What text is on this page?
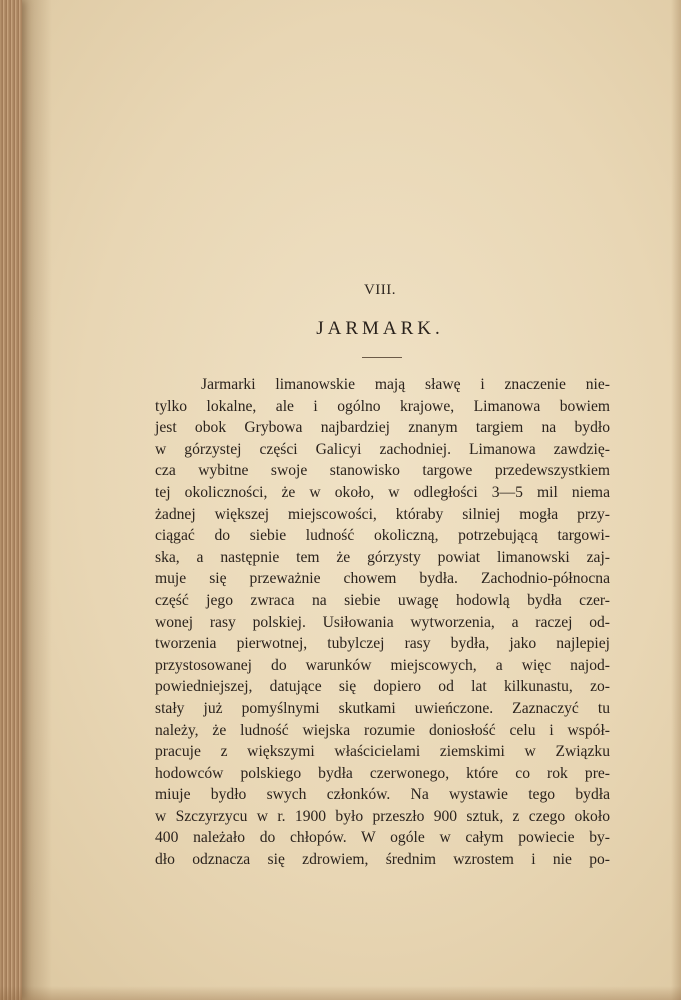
VIII.
JARMARK.
Jarmarki limanowskie mają sławę i znaczenie nie-
tylko lokalne, ale i ogólno krajowe, Limanowa bowiem
jest obok Grybowa najbardziej znanym targiem na bydło
w górzystej części Galicyi zachodniej. Limanowa zawdzię-
cza wybitne swoje stanowisko targowe przedewszystkiem
tej okoliczności, że w około, w odległości 3—5 mil niema
żadnej większej miejscowości, któraby silniej mogła przy-
ciągać do siebie ludność okoliczną, potrzebującą targowi-
ska, a następnie tem że górzysty powiat limanowski zaj-
muje się przeważnie chowem bydła. Zachodnio-północna
część jego zwraca na siebie uwagę hodowlą bydła czer-
wonej rasy polskiej. Usiłowania wytworzenia, a raczej od-
tworzenia pierwotnej, tubylczej rasy bydła, jako najlepiej
przystosowanej do warunków miejscowych, a więc najod-
powiedniejszej, datujące się dopiero od lat kilkunastu, zo-
stały już pomyślnymi skutkami uwieńczone. Zaznaczyć tu
należy, że ludność wiejska rozumie doniosłość celu i współ-
pracuje z większymi właścicielami ziemskimi w Związku
hodowców polskiego bydła czerwonego, które co rok pre-
miuje bydło swych członków. Na wystawie tego bydła
w Szczyrzycu w r. 1900 było przeszło 900 sztuk, z czego około
400 należało do chłopów. W ogóle w całym powiecie by-
dło odznacza się zdrowiem, średnim wzrostem i nie po-
